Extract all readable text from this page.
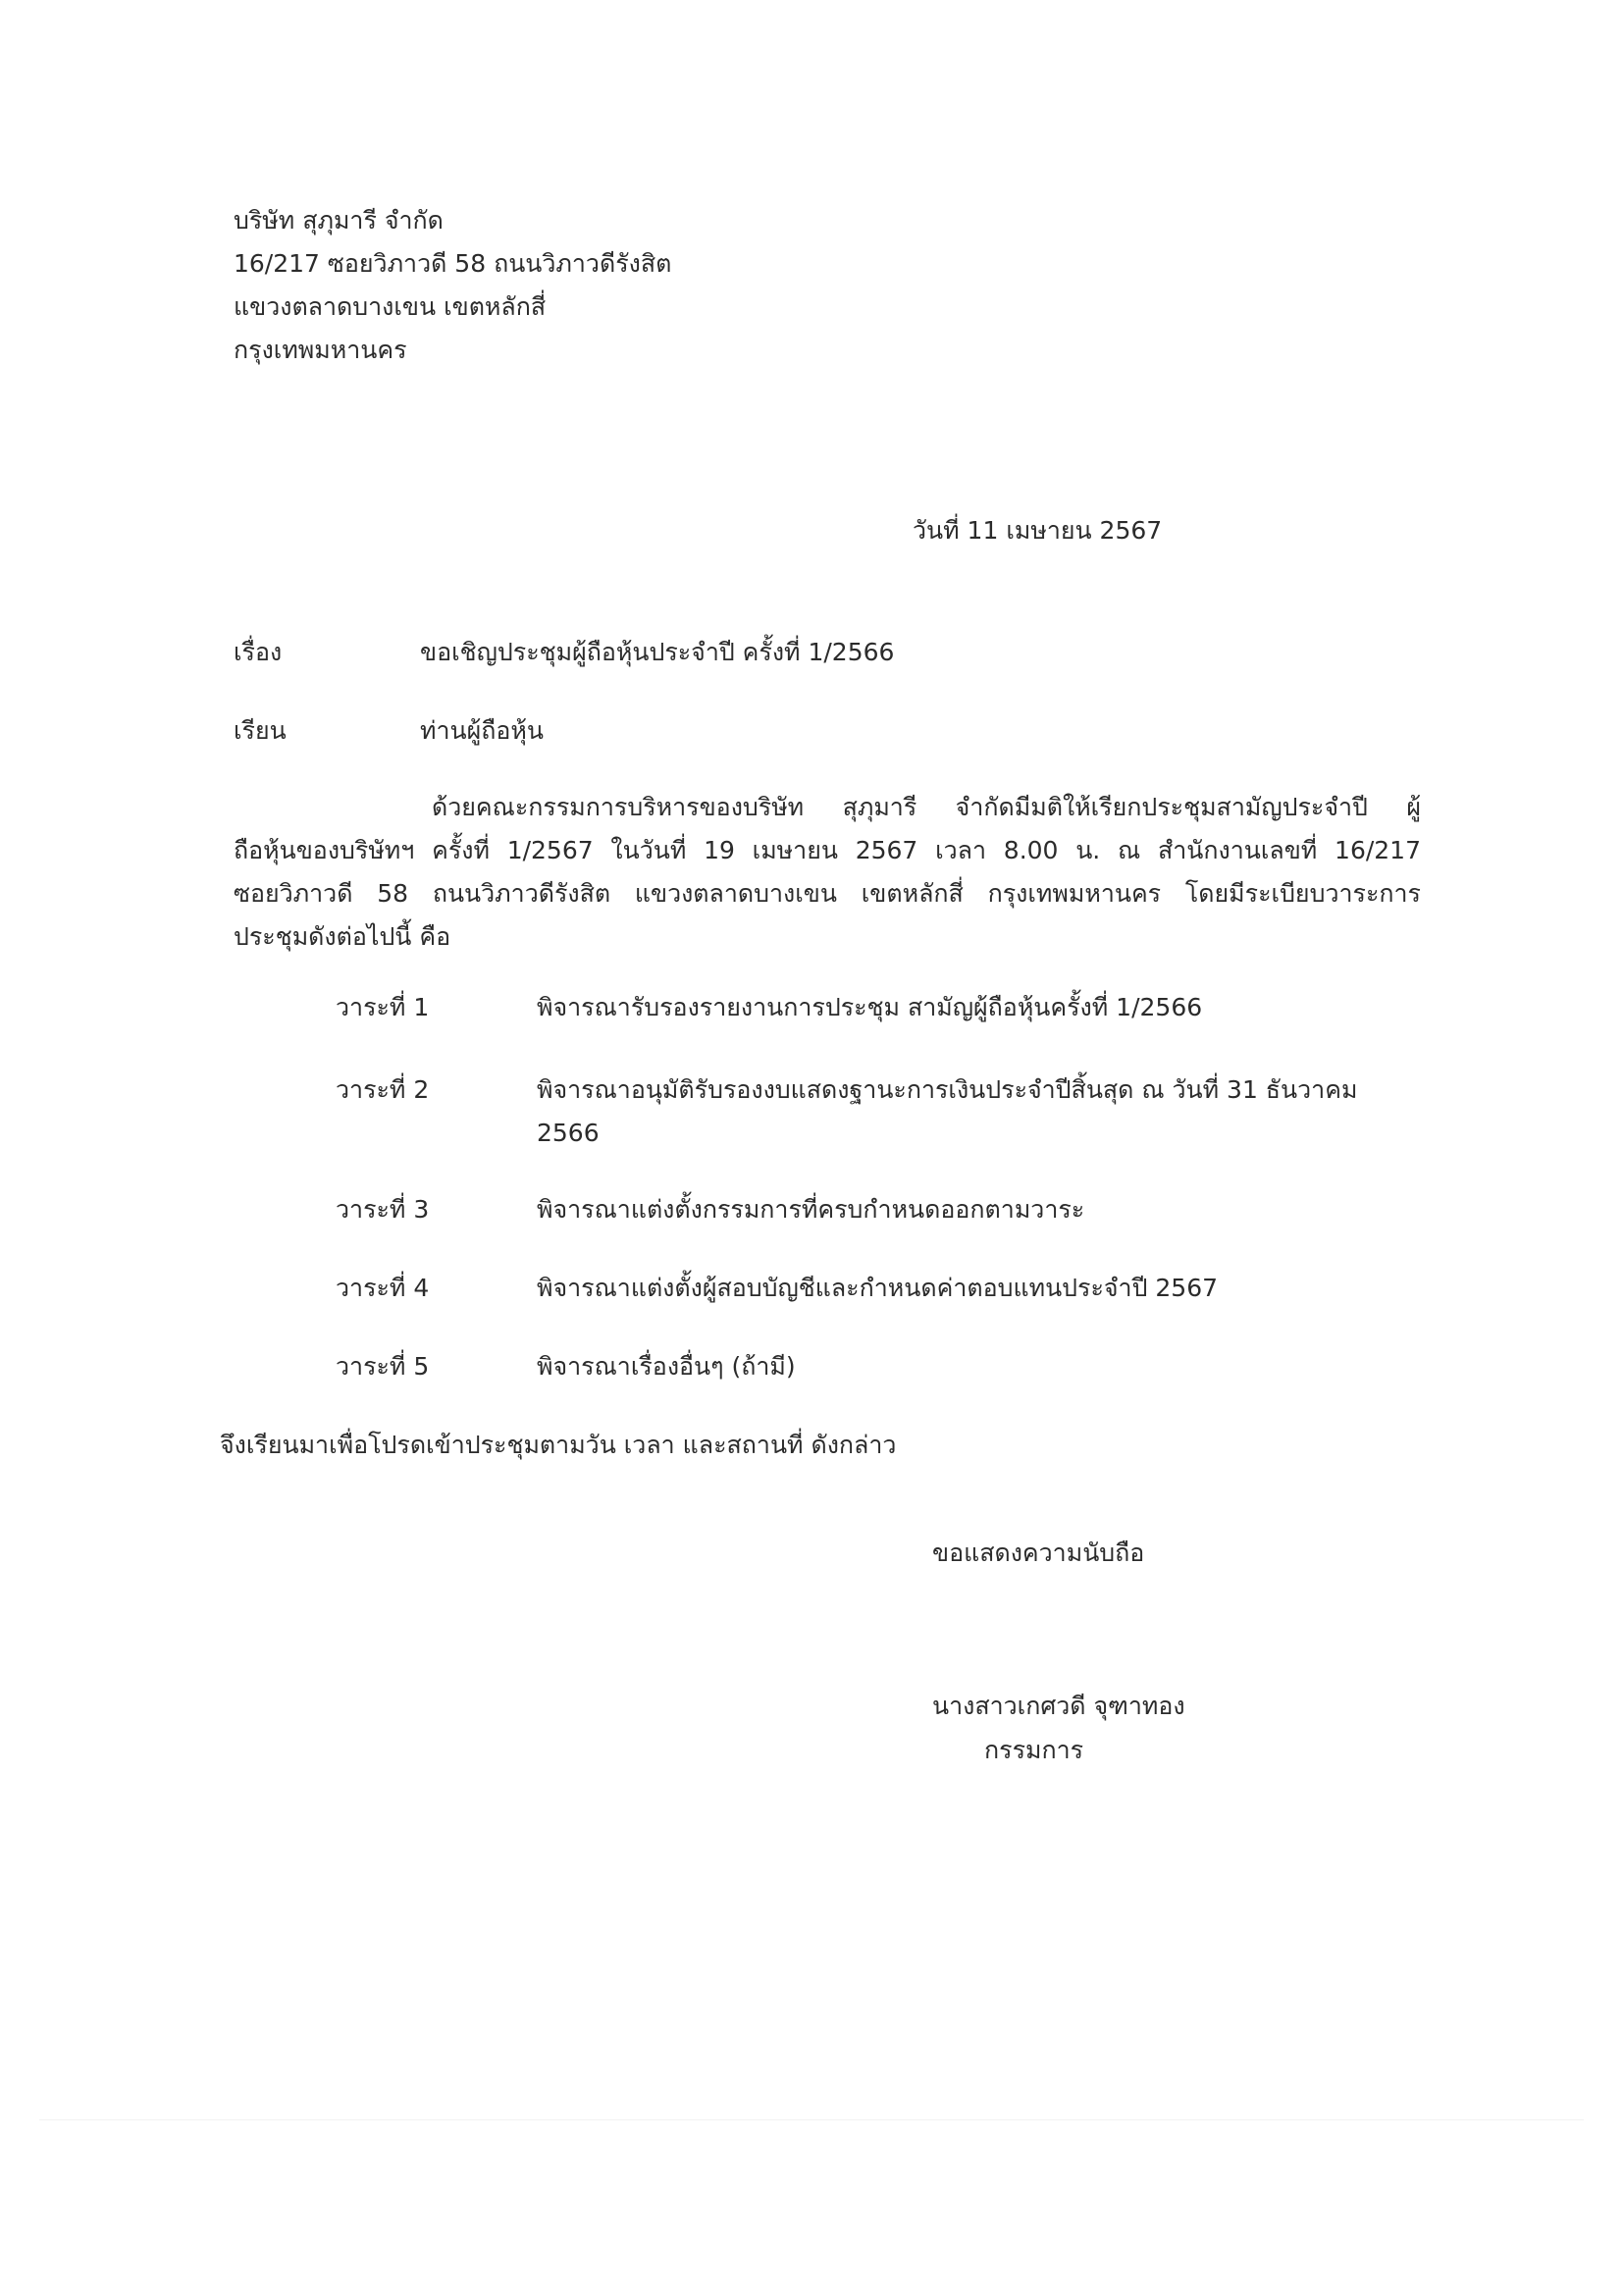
บริษัท สุภุมารี จำกัด
16/217 ซอยวิภาวดี 58 ถนนวิภาวดีรังสิต
แขวงตลาดบางเขน เขตหลักสี่
กรุงเทพมหานคร
วันที่ 11 เมษายน 2567
เรื่อง	ขอเชิญประชุมผู้ถือหุ้นประจำปี ครั้งที่ 1/2566
เรียน	ท่านผู้ถือหุ้น
ด้วยคณะกรรมการบริหารของบริษัท สุภุมารี จำกัดมีมติให้เรียกประชุมสามัญประจำปี ผู้
ถือหุ้นของบริษัทฯ ครั้งที่ 1/2567 ในวันที่ 19 เมษายน 2567 เวลา 8.00 น. ณ สำนักงานเลขที่ 16/217
ซอยวิภาวดี 58 ถนนวิภาวดีรังสิต แขวงตลาดบางเขน เขตหลักสี่ กรุงเทพมหานคร โดยมีระเบียบวาระการ
ประชุมดังต่อไปนี้ คือ
วาระที่ 1	พิจารณารับรองรายงานการประชุม สามัญผู้ถือหุ้นครั้งที่ 1/2566
วาระที่ 2	พิจารณาอนุมัติรับรองงบแสดงฐานะการเงินประจำปีสิ้นสุด ณ วันที่ 31 ธันวาคม
2566
วาระที่ 3	พิจารณาแต่งตั้งกรรมการที่ครบกำหนดออกตามวาระ
วาระที่ 4	พิจารณาแต่งตั้งผู้สอบบัญชีและกำหนดค่าตอบแทนประจำปี 2567
วาระที่ 5	พิจารณาเรื่องอื่นๆ (ถ้ามี)
จึงเรียนมาเพื่อโปรดเข้าประชุมตามวัน เวลา และสถานที่ ดังกล่าว
ขอแสดงความนับถือ
นางสาวเกศวดี จุฑาทอง
กรรมการ
